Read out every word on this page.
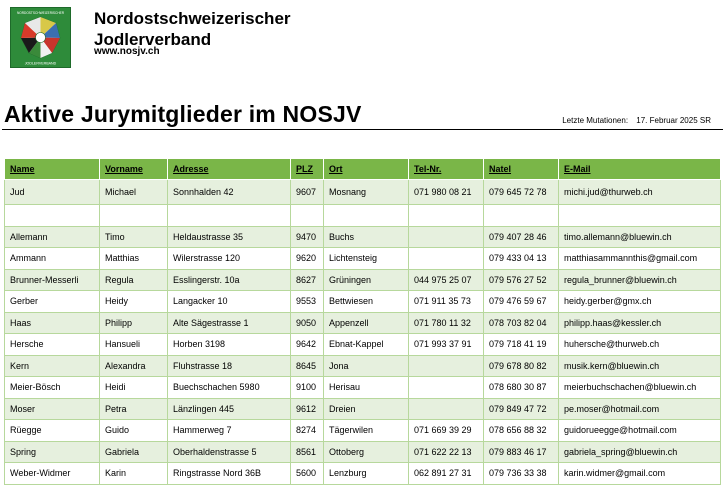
NORDOSTSCHWEIZERISCHER
JODLERVERBAND
Nordostschweizerischer
Jodlerverband
www.nosjv.ch
Aktive Jurymitglieder im NOSJV	Letzte Mutationen: 17. Februar 2025 SR
Name	Vorname	Adresse	PLZ	Ort	Tel-Nr.	Natel	E-Mail
Jud	Michael	Sonnhalden 42	9607	Mosnang	071 980 08 21	079 645 72 78	michi.jud@thurweb.ch

Allemann	Timo	Heldaustrasse 35	9470	Buchs		079 407 28 46	timo.allemann@bluewin.ch
Ammann	Matthias	Wilerstrasse 120	9620	Lichtensteig		079 433 04 13	matthiasammannthis@gmail.com
Brunner-Messerli	Regula	Esslingerstr. 10a	8627	Grüningen	044 975 25 07	079 576 27 52	regula_brunner@bluewin.ch
Gerber	Heidy	Langacker 10	9553	Bettwiesen	071 911 35 73	079 476 59 67	heidy.gerber@gmx.ch
Haas	Philipp	Alte Sägestrasse 1	9050	Appenzell	071 780 11 32	078 703 82 04	philipp.haas@kessler.ch
Hersche	Hansueli	Horben 3198	9642	Ebnat-Kappel	071 993 37 91	079 718 41 19	huhersche@thurweb.ch
Kern	Alexandra	Fluhstrasse 18	8645	Jona		079 678 80 82	musik.kern@bluewin.ch
Meier-Bösch	Heidi	Buechschachen 5980	9100	Herisau		078 680 30 87	meierbuchschachen@bluewin.ch
Moser	Petra	Länzlingen 445	9612	Dreien		079 849 47 72	pe.moser@hotmail.com
Rüegge	Guido	Hammerweg 7	8274	Tägerwilen	071 669 39 29	078 656 88 32	guidorueegge@hotmail.com
Spring	Gabriela	Oberhaldenstrasse 5	8561	Ottoberg	071 622 22 13	079 883 46 17	gabriela_spring@bluewin.ch
Weber-Widmer	Karin	Ringstrasse Nord 36B	5600	Lenzburg	062 891 27 31	079 736 33 38	karin.widmer@gmail.com
